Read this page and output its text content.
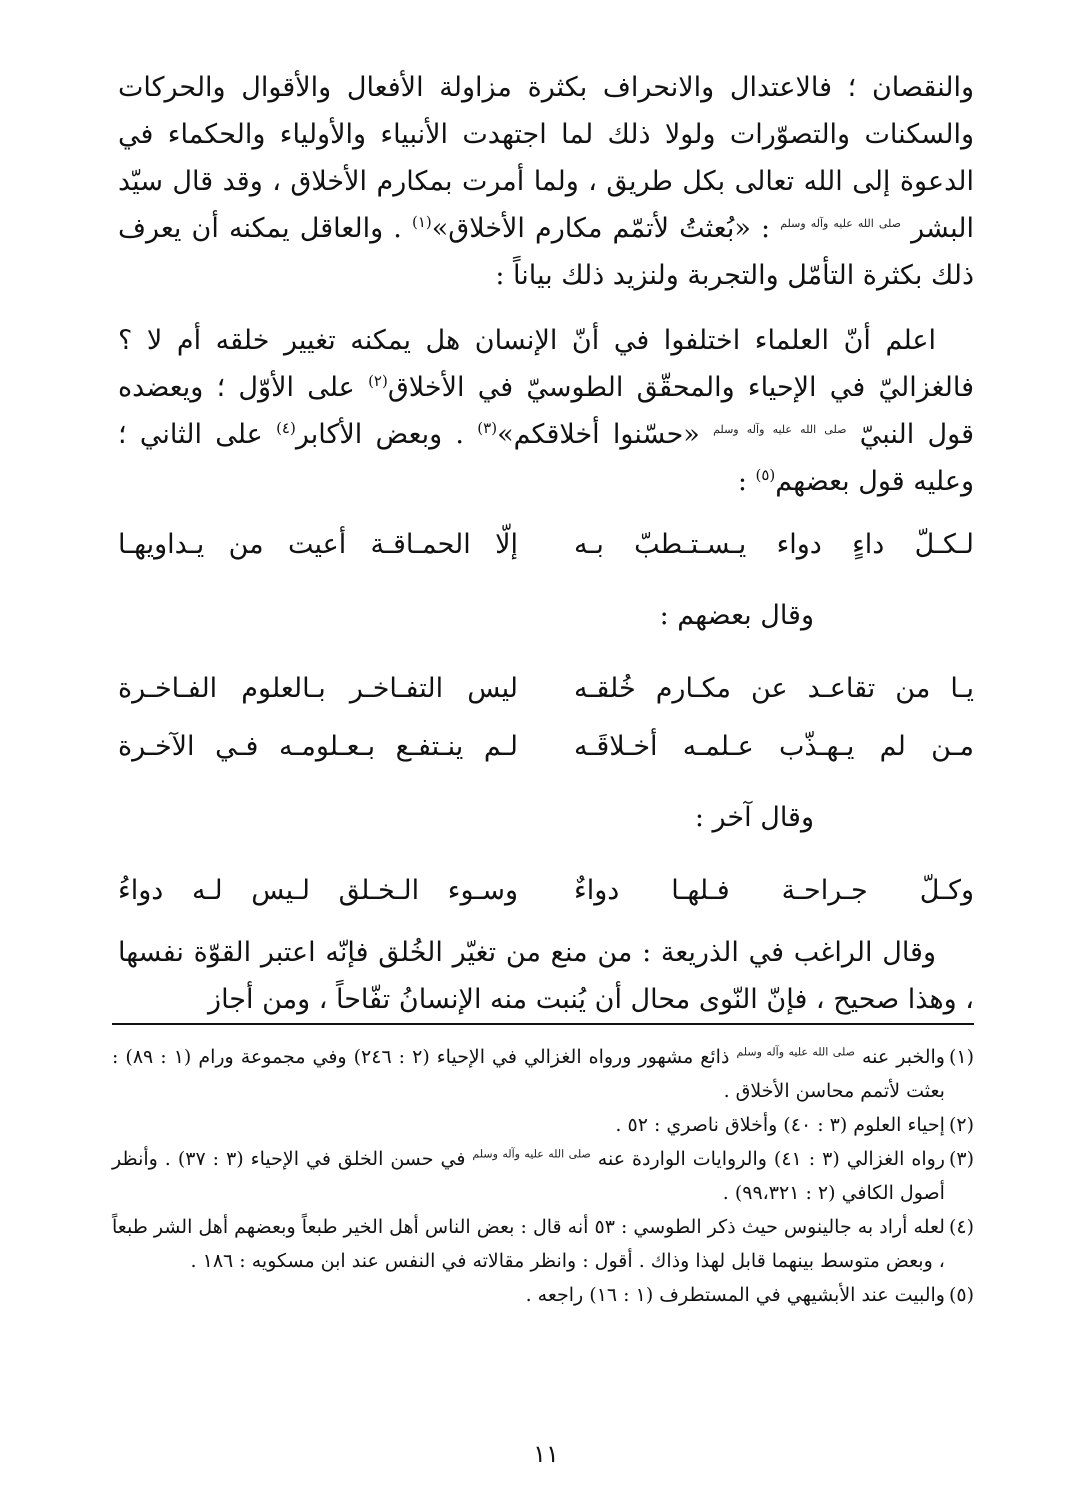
والنقصان ؛ فالاعتدال والانحراف بكثرة مزاولة الأفعال والأقوال والحركات والسكنات والتصوّرات ولولا ذلك لما اجتهدت الأنبياء والأولياء والحكماء في الدعوة إلى الله تعالى بكل طريق ، ولما أمرت بمكارم الأخلاق ، وقد قال سيّد البشر $^{صلى الله عليه وآله وسلم}$ : «بُعثتُ لأتمّم مكارم الأخلاق»$^{(١)}$ . والعاقل يمكنه أن يعرف ذلك بكثرة التأمّل والتجربة ولنزيد ذلك بياناً :

اعلم أنّ العلماء اختلفوا في أنّ الإنسان هل يمكنه تغيير خلقه أم لا ؟ فالغزاليّ في الإحياء والمحقّق الطوسيّ في الأخلاق$^{(٢)}$ على الأوّل ؛ ويعضده قول النبيّ $^{صلى الله عليه وآله وسلم}$ «حسّنوا أخلاقكم»$^{(٣)}$ . وبعض الأكابر$^{(٤)}$ على الثاني ؛ وعليه قول بعضهم$^{(٥)}$ :

لـكـلّ داءٍ دواء يـسـتـطبّ بـه
إلّا الحمـاقـة أعيت من يـداويهـا
وقال بعضهم :
يـا من تقاعـد عن مكـارم خُلقـه
ليس التفـاخـر بـالعلوم الفـاخـرة
مـن لم يـهـذّب عـلمـه أخـلاقَـه
لـم ينـتفـع بـعـلومـه فـي الآخـرة
وقال آخر :
وكـلّ جـراحـة فـلهـا دواءٌ
وسـوء الـخـلق لـيس لـه دواءُ

وقال الراغب في الذريعة : من منع من تغيّر الخُلق فإنّه اعتبر القوّة نفسها ، وهذا صحيح ، فإنّ النّوى محال أن يُنبت منه الإنسانُ تفّاحاً ، ومن أجاز

(١)
والخبر عنه $^{صلى الله عليه وآله وسلم}$ ذائع مشهور ورواه الغزالي في الإحياء (٢ : ٢٤٦) وفي مجموعة ورام (١ : ٨٩) : بعثت لأتمم محاسن الأخلاق .
(٢)
إحياء العلوم (٣ : ٤٠) وأخلاق ناصري : ٥٢ .
(٣)
رواه الغزالي (٣ : ٤١) والروايات الواردة عنه $^{صلى الله عليه وآله وسلم}$ في حسن الخلق في الإحياء (٣ : ٣٧) . وأنظر أصول الكافي (٢ : ٩٩،٣٢١) .
(٤)
لعله أراد به جالينوس حيث ذكر الطوسي : ٥٣ أنه قال : بعض الناس أهل الخير طبعاً وبعضهم أهل الشر طبعاً ، وبعض متوسط بينهما قابل لهذا وذاك . أقول : وانظر مقالاته في النفس عند ابن مسكويه : ١٨٦ .
(٥)
والبيت عند الأبشيهي في المستطرف (١ : ١٦) راجعه .
١١
